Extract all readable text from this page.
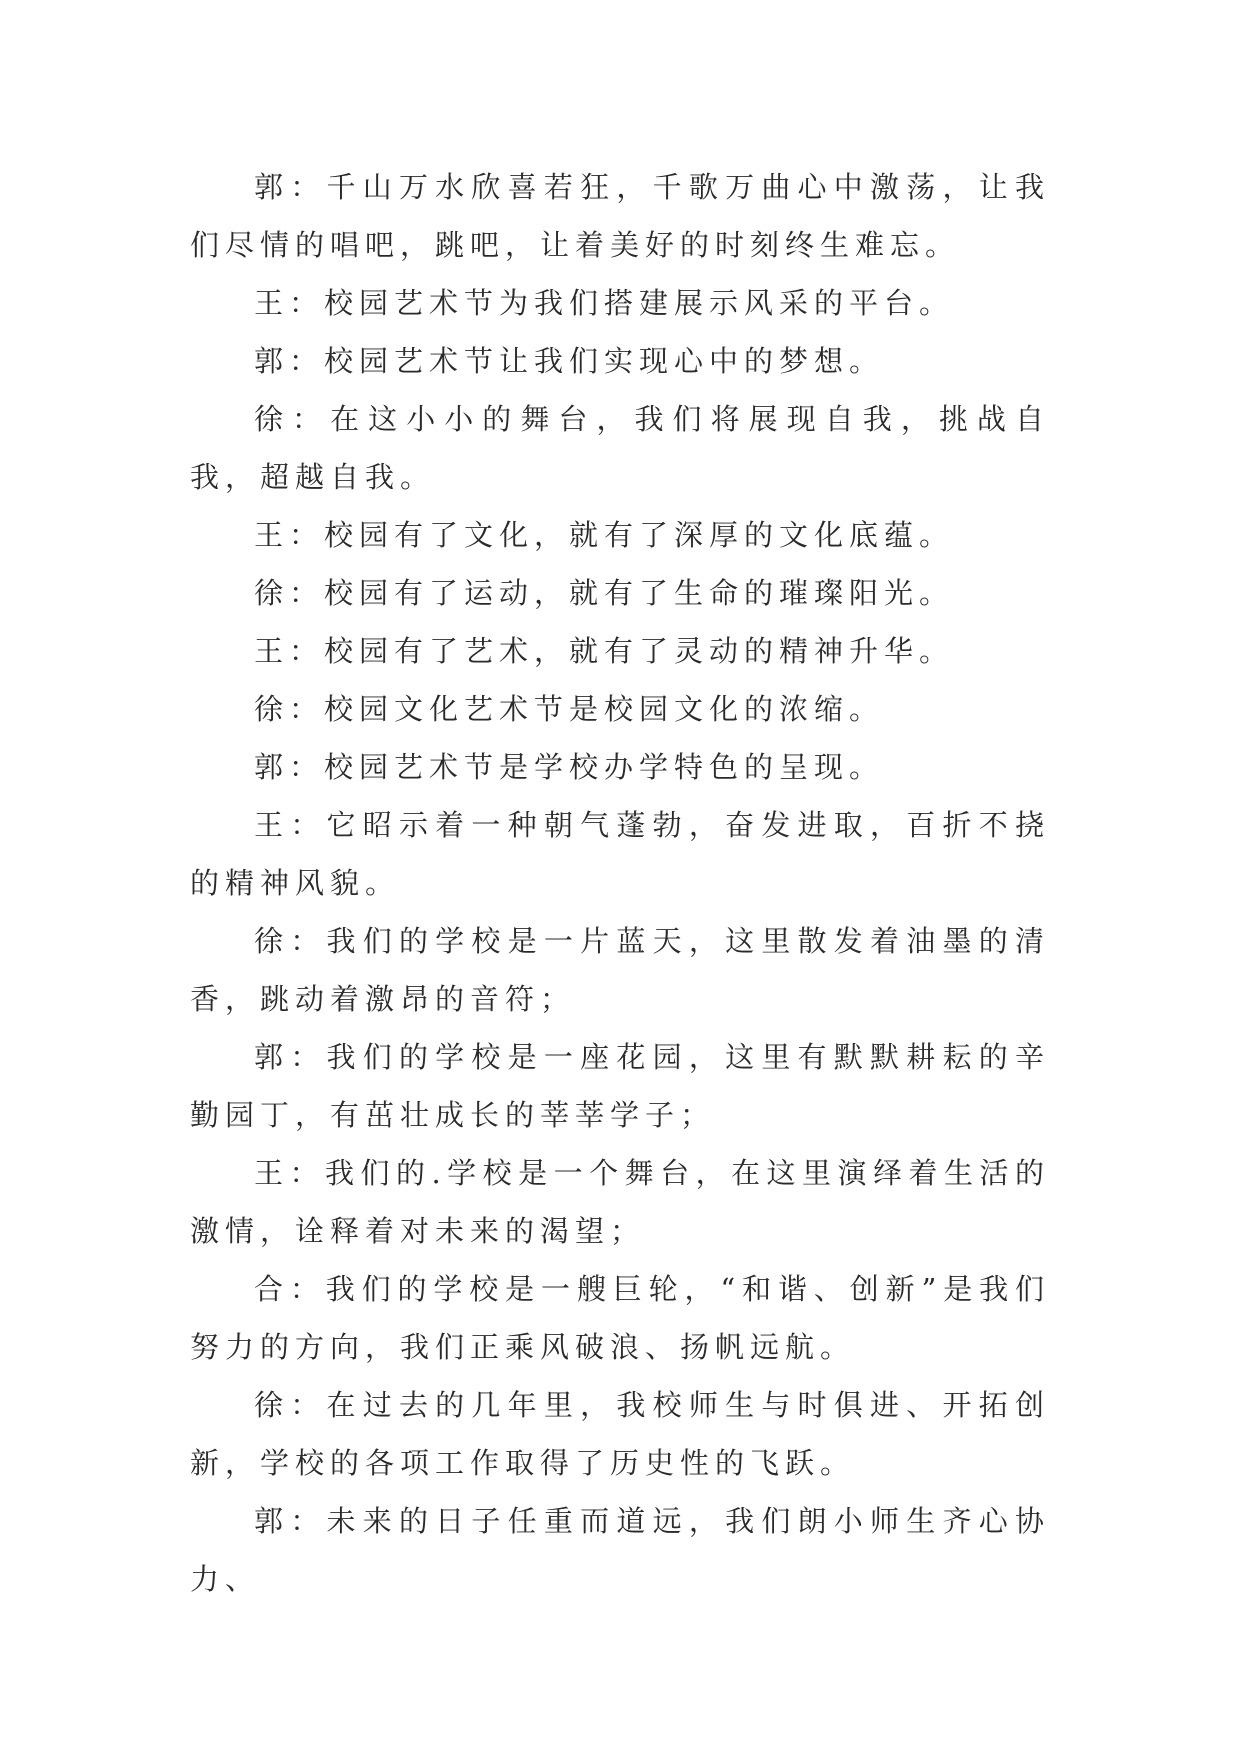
郭：千山万水欣喜若狂，千歌万曲心中激荡，让我们尽情的唱吧，跳吧，让着美好的时刻终生难忘。

王：校园艺术节为我们搭建展示风采的平台。

郭：校园艺术节让我们实现心中的梦想。

徐：在这小小的舞台，我们将展现自我，挑战自我，超越自我。

王：校园有了文化，就有了深厚的文化底蕴。

徐：校园有了运动，就有了生命的璀璨阳光。

王：校园有了艺术，就有了灵动的精神升华。

徐：校园文化艺术节是校园文化的浓缩。

郭：校园艺术节是学校办学特色的呈现。

王：它昭示着一种朝气蓬勃，奋发进取，百折不挠的精神风貌。

徐：我们的学校是一片蓝天，这里散发着油墨的清香，跳动着激昂的音符；

郭：我们的学校是一座花园，这里有默默耕耘的辛勤园丁，有茁壮成长的莘莘学子；

王：我们的.学校是一个舞台，在这里演绎着生活的激情，诠释着对未来的渴望；

合：我们的学校是一艘巨轮，“和谐、创新”是我们努力的方向，我们正乘风破浪、扬帆远航。

徐：在过去的几年里，我校师生与时俱进、开拓创新，学校的各项工作取得了历史性的飞跃。

郭：未来的日子任重而道远，我们朗小师生齐心协力、
